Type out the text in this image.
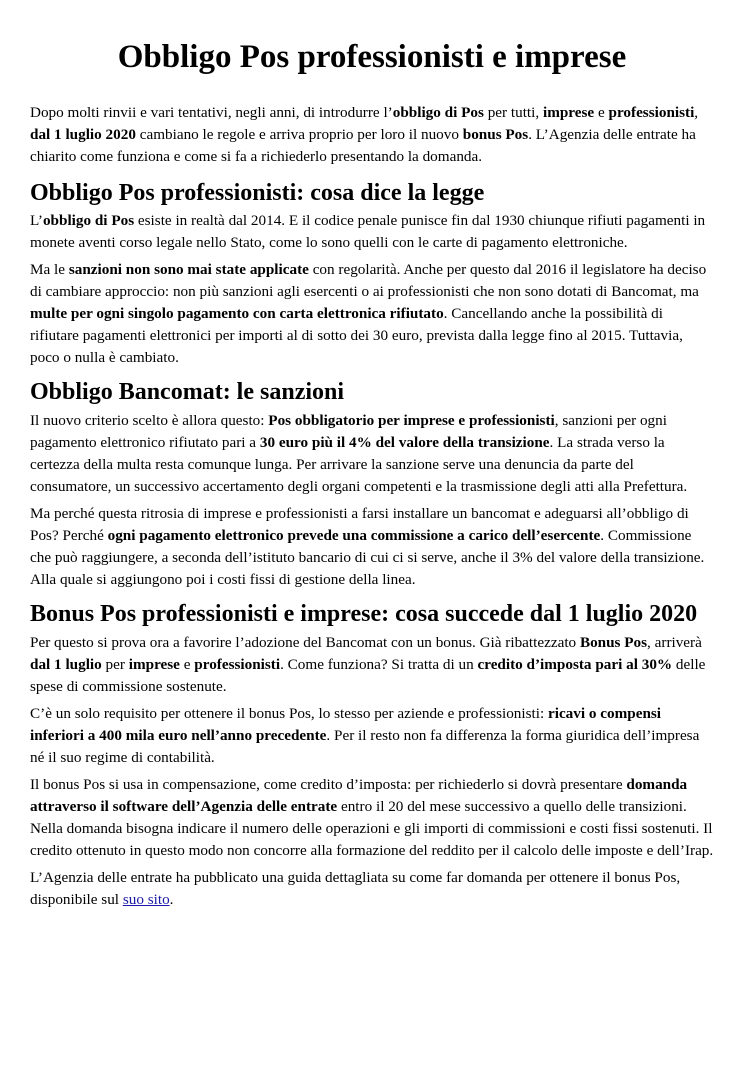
Obbligo Pos professionisti e imprese

Dopo molti rinvii e vari tentativi, negli anni, di introdurre l’obbligo di Pos per tutti, imprese e professionisti, dal 1 luglio 2020 cambiano le regole e arriva proprio per loro il nuovo bonus Pos. L’Agenzia delle entrate ha chiarito come funziona e come si fa a richiederlo presentando la domanda.

Obbligo Pos professionisti: cosa dice la legge

L’obbligo di Pos esiste in realtà dal 2014. E il codice penale punisce fin dal 1930 chiunque rifiuti pagamenti in monete aventi corso legale nello Stato, come lo sono quelli con le carte di pagamento elettroniche.

Ma le sanzioni non sono mai state applicate con regolarità. Anche per questo dal 2016 il legislatore ha deciso di cambiare approccio: non più sanzioni agli esercenti o ai professionisti che non sono dotati di Bancomat, ma multe per ogni singolo pagamento con carta elettronica rifiutato. Cancellando anche la possibilità di rifiutare pagamenti elettronici per importi al di sotto dei 30 euro, prevista dalla legge fino al 2015. Tuttavia, poco o nulla è cambiato.

Obbligo Bancomat: le sanzioni

Il nuovo criterio scelto è allora questo: Pos obbligatorio per imprese e professionisti, sanzioni per ogni pagamento elettronico rifiutato pari a 30 euro più il 4% del valore della transizione. La strada verso la certezza della multa resta comunque lunga. Per arrivare la sanzione serve una denuncia da parte del consumatore, un successivo accertamento degli organi competenti e la trasmissione degli atti alla Prefettura.

Ma perché questa ritrosia di imprese e professionisti a farsi installare un bancomat e adeguarsi all’obbligo di Pos? Perché ogni pagamento elettronico prevede una commissione a carico dell’esercente. Commissione che può raggiungere, a seconda dell’istituto bancario di cui ci si serve, anche il 3% del valore della transizione. Alla quale si aggiungono poi i costi fissi di gestione della linea.

Bonus Pos professionisti e imprese: cosa succede dal 1 luglio 2020

Per questo si prova ora a favorire l’adozione del Bancomat con un bonus. Già ribattezzato Bonus Pos, arriverà dal 1 luglio per imprese e professionisti. Come funziona? Si tratta di un credito d’imposta pari al 30% delle spese di commissione sostenute.

C’è un solo requisito per ottenere il bonus Pos, lo stesso per aziende e professionisti: ricavi o compensi inferiori a 400 mila euro nell’anno precedente. Per il resto non fa differenza la forma giuridica dell’impresa né il suo regime di contabilità.

Il bonus Pos si usa in compensazione, come credito d’imposta: per richiederlo si dovrà presentare domanda attraverso il software dell’Agenzia delle entrate entro il 20 del mese successivo a quello delle transizioni. Nella domanda bisogna indicare il numero delle operazioni e gli importi di commissioni e costi fissi sostenuti. Il credito ottenuto in questo modo non concorre alla formazione del reddito per il calcolo delle imposte e dell’Irap.

L’Agenzia delle entrate ha pubblicato una guida dettagliata su come far domanda per ottenere il bonus Pos, disponibile sul suo sito.
